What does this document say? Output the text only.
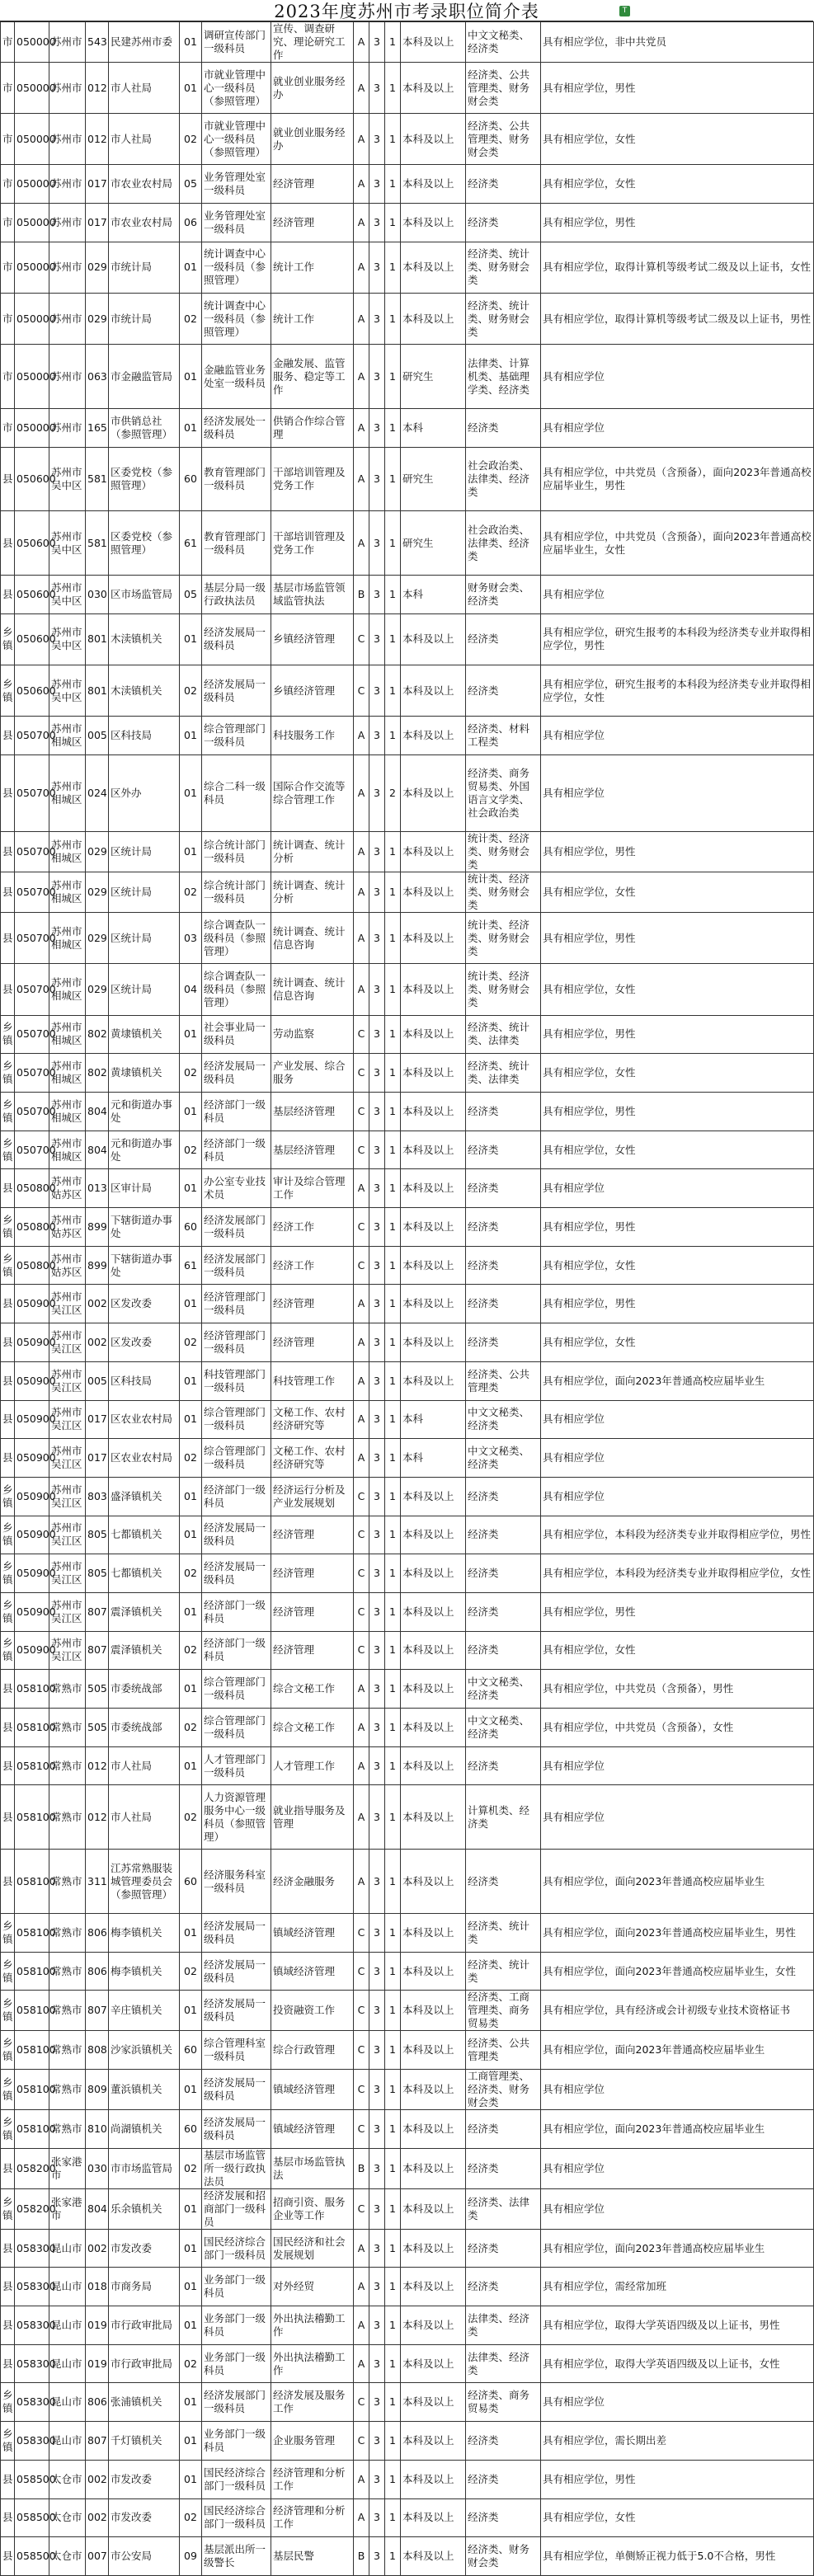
2023年度苏州市考录职位简介表	T
市	050000	苏州市	543	民建苏州市委	01	调研宣传部门一级科员	宣传、调查研究、理论研究工作	A	3	1	本科及以上	中文文秘类、经济类	具有相应学位，非中共党员
市	050000	苏州市	012	市人社局	01	市就业管理中心一级科员（参照管理）	就业创业服务经办	A	3	1	本科及以上	经济类、公共管理类、财务财会类	具有相应学位，男性
市	050000	苏州市	012	市人社局	02	市就业管理中心一级科员（参照管理）	就业创业服务经办	A	3	1	本科及以上	经济类、公共管理类、财务财会类	具有相应学位，女性
市	050000	苏州市	017	市农业农村局	05	业务管理处室一级科员	经济管理	A	3	1	本科及以上	经济类	具有相应学位，女性
市	050000	苏州市	017	市农业农村局	06	业务管理处室一级科员	经济管理	A	3	1	本科及以上	经济类	具有相应学位，男性
市	050000	苏州市	029	市统计局	01	统计调查中心一级科员（参照管理）	统计工作	A	3	1	本科及以上	经济类、统计类、财务财会类	具有相应学位，取得计算机等级考试二级及以上证书，女性
市	050000	苏州市	029	市统计局	02	统计调查中心一级科员（参照管理）	统计工作	A	3	1	本科及以上	经济类、统计类、财务财会类	具有相应学位，取得计算机等级考试二级及以上证书，男性
市	050000	苏州市	063	市金融监管局	01	金融监管业务处室一级科员	金融发展、监管服务、稳定等工作	A	3	1	研究生	法律类、计算机类、基础理学类、经济类	具有相应学位
市	050000	苏州市	165	市供销总社（参照管理）	01	经济发展处一级科员	供销合作综合管理	A	3	1	本科	经济类	具有相应学位
县	050600	苏州市吴中区	581	区委党校（参照管理）	60	教育管理部门一级科员	干部培训管理及党务工作	A	3	1	研究生	社会政治类、法律类、经济类	具有相应学位，中共党员（含预备），面向2023年普通高校应届毕业生，男性
县	050600	苏州市吴中区	581	区委党校（参照管理）	61	教育管理部门一级科员	干部培训管理及党务工作	A	3	1	研究生	社会政治类、法律类、经济类	具有相应学位，中共党员（含预备），面向2023年普通高校应届毕业生，女性
县	050600	苏州市吴中区	030	区市场监管局	05	基层分局一级行政执法员	基层市场监管领域监管执法	B	3	1	本科	财务财会类、经济类	具有相应学位
乡镇	050600	苏州市吴中区	801	木渎镇机关	01	经济发展局一级科员	乡镇经济管理	C	3	1	本科及以上	经济类	具有相应学位，研究生报考的本科段为经济类专业并取得相应学位，男性
乡镇	050600	苏州市吴中区	801	木渎镇机关	02	经济发展局一级科员	乡镇经济管理	C	3	1	本科及以上	经济类	具有相应学位，研究生报考的本科段为经济类专业并取得相应学位，女性
县	050700	苏州市相城区	005	区科技局	01	综合管理部门一级科员	科技服务工作	A	3	1	本科及以上	经济类、材料工程类	具有相应学位
县	050700	苏州市相城区	024	区外办	01	综合二科一级科员	国际合作交流等综合管理工作	A	3	2	本科及以上	经济类、商务贸易类、外国语言文学类、社会政治类	具有相应学位
县	050700	苏州市相城区	029	区统计局	01	综合统计部门一级科员	统计调查、统计分析	A	3	1	本科及以上	统计类、经济类、财务财会类	具有相应学位，男性
县	050700	苏州市相城区	029	区统计局	02	综合统计部门一级科员	统计调查、统计分析	A	3	1	本科及以上	统计类、经济类、财务财会类	具有相应学位，女性
县	050700	苏州市相城区	029	区统计局	03	综合调查队一级科员（参照管理）	统计调查、统计信息咨询	A	3	1	本科及以上	统计类、经济类、财务财会类	具有相应学位，男性
县	050700	苏州市相城区	029	区统计局	04	综合调查队一级科员（参照管理）	统计调查、统计信息咨询	A	3	1	本科及以上	统计类、经济类、财务财会类	具有相应学位，女性
乡镇	050700	苏州市相城区	802	黄埭镇机关	01	社会事业局一级科员	劳动监察	C	3	1	本科及以上	经济类、统计类、法律类	具有相应学位，男性
乡镇	050700	苏州市相城区	802	黄埭镇机关	02	经济发展局一级科员	产业发展、综合服务	C	3	1	本科及以上	经济类、统计类、法律类	具有相应学位，女性
乡镇	050700	苏州市相城区	804	元和街道办事处	01	经济部门一级科员	基层经济管理	C	3	1	本科及以上	经济类	具有相应学位，男性
乡镇	050700	苏州市相城区	804	元和街道办事处	02	经济部门一级科员	基层经济管理	C	3	1	本科及以上	经济类	具有相应学位，女性
县	050800	苏州市姑苏区	013	区审计局	01	办公室专业技术员	审计及综合管理工作	A	3	1	本科及以上	经济类	具有相应学位
乡镇	050800	苏州市姑苏区	899	下辖街道办事处	60	经济发展部门一级科员	经济工作	C	3	1	本科及以上	经济类	具有相应学位，男性
乡镇	050800	苏州市姑苏区	899	下辖街道办事处	61	经济发展部门一级科员	经济工作	C	3	1	本科及以上	经济类	具有相应学位，女性
县	050900	苏州市吴江区	002	区发改委	01	经济管理部门一级科员	经济管理	A	3	1	本科及以上	经济类	具有相应学位，男性
县	050900	苏州市吴江区	002	区发改委	02	经济管理部门一级科员	经济管理	A	3	1	本科及以上	经济类	具有相应学位，女性
县	050900	苏州市吴江区	005	区科技局	01	科技管理部门一级科员	科技管理工作	A	3	1	本科及以上	经济类、公共管理类	具有相应学位，面向2023年普通高校应届毕业生
县	050900	苏州市吴江区	017	区农业农村局	01	综合管理部门一级科员	文秘工作、农村经济研究等	A	3	1	本科	中文文秘类、经济类	具有相应学位
县	050900	苏州市吴江区	017	区农业农村局	02	综合管理部门一级科员	文秘工作、农村经济研究等	A	3	1	本科	中文文秘类、经济类	具有相应学位
乡镇	050900	苏州市吴江区	803	盛泽镇机关	01	经济部门一级科员	经济运行分析及产业发展规划	C	3	1	本科及以上	经济类	具有相应学位
乡镇	050900	苏州市吴江区	805	七都镇机关	01	经济发展局一级科员	经济管理	C	3	1	本科及以上	经济类	具有相应学位，本科段为经济类专业并取得相应学位，男性
乡镇	050900	苏州市吴江区	805	七都镇机关	02	经济发展局一级科员	经济管理	C	3	1	本科及以上	经济类	具有相应学位，本科段为经济类专业并取得相应学位，女性
乡镇	050900	苏州市吴江区	807	震泽镇机关	01	经济部门一级科员	经济管理	C	3	1	本科及以上	经济类	具有相应学位，男性
乡镇	050900	苏州市吴江区	807	震泽镇机关	02	经济部门一级科员	经济管理	C	3	1	本科及以上	经济类	具有相应学位，女性
县	058100	常熟市	505	市委统战部	01	综合管理部门一级科员	综合文秘工作	A	3	1	本科及以上	中文文秘类、经济类	具有相应学位，中共党员（含预备），男性
县	058100	常熟市	505	市委统战部	02	综合管理部门一级科员	综合文秘工作	A	3	1	本科及以上	中文文秘类、经济类	具有相应学位，中共党员（含预备），女性
县	058100	常熟市	012	市人社局	01	人才管理部门一级科员	人才管理工作	A	3	1	本科及以上	经济类	具有相应学位
县	058100	常熟市	012	市人社局	02	人力资源管理服务中心一级科员（参照管理）	就业指导服务及管理	A	3	1	本科及以上	计算机类、经济类	具有相应学位
县	058100	常熟市	311	江苏常熟服装城管理委员会（参照管理）	60	经济服务科室一级科员	经济金融服务	A	3	1	本科及以上	经济类	具有相应学位，面向2023年普通高校应届毕业生
乡镇	058100	常熟市	806	梅李镇机关	01	经济发展局一级科员	镇域经济管理	C	3	1	本科及以上	经济类、统计类	具有相应学位，面向2023年普通高校应届毕业生，男性
乡镇	058100	常熟市	806	梅李镇机关	02	经济发展局一级科员	镇域经济管理	C	3	1	本科及以上	经济类、统计类	具有相应学位，面向2023年普通高校应届毕业生，女性
乡镇	058100	常熟市	807	辛庄镇机关	01	经济发展局一级科员	投资融资工作	C	3	1	本科及以上	经济类、工商管理类、商务贸易类	具有相应学位，具有经济或会计初级专业技术资格证书
乡镇	058100	常熟市	808	沙家浜镇机关	60	综合管理科室一级科员	综合行政管理	C	3	1	本科及以上	经济类、公共管理类	具有相应学位，面向2023年普通高校应届毕业生
乡镇	058100	常熟市	809	董浜镇机关	01	经济发展局一级科员	镇域经济管理	C	3	1	本科及以上	工商管理类、经济类、财务财会类	具有相应学位
乡镇	058100	常熟市	810	尚湖镇机关	60	经济发展局一级科员	镇域经济管理	C	3	1	本科及以上	经济类	具有相应学位，面向2023年普通高校应届毕业生
县	058200	张家港市	030	市市场监管局	02	基层市场监管所一级行政执法员	基层市场监管执法	B	3	1	本科及以上	经济类	具有相应学位
乡镇	058200	张家港市	804	乐余镇机关	01	经济发展和招商部门一级科员	招商引资、服务企业等工作	C	3	1	本科及以上	经济类、法律类	具有相应学位
县	058300	昆山市	002	市发改委	01	国民经济综合部门一级科员	国民经济和社会发展规划	A	3	1	本科及以上	经济类	具有相应学位，面向2023年普通高校应届毕业生
县	058300	昆山市	018	市商务局	01	业务部门一级科员	对外经贸	A	3	1	本科及以上	经济类	具有相应学位，需经常加班
县	058300	昆山市	019	市行政审批局	01	业务部门一级科员	外出执法稽勤工作	A	3	1	本科及以上	法律类、经济类	具有相应学位，取得大学英语四级及以上证书，男性
县	058300	昆山市	019	市行政审批局	02	业务部门一级科员	外出执法稽勤工作	A	3	1	本科及以上	法律类、经济类	具有相应学位，取得大学英语四级及以上证书，女性
乡镇	058300	昆山市	806	张浦镇机关	01	经济发展部门一级科员	经济发展及服务工作	C	3	1	本科及以上	经济类、商务贸易类	具有相应学位
乡镇	058300	昆山市	807	千灯镇机关	01	业务部门一级科员	企业服务管理	C	3	1	本科及以上	经济类	具有相应学位，需长期出差
县	058500	太仓市	002	市发改委	01	国民经济综合部门一级科员	经济管理和分析工作	A	3	1	本科及以上	经济类	具有相应学位，男性
县	058500	太仓市	002	市发改委	02	国民经济综合部门一级科员	经济管理和分析工作	A	3	1	本科及以上	经济类	具有相应学位，女性
县	058500	太仓市	007	市公安局	09	基层派出所一级警长	基层民警	B	3	1	本科及以上	经济类、财务财会类	具有相应学位，单侧矫正视力低于5.0不合格，男性
